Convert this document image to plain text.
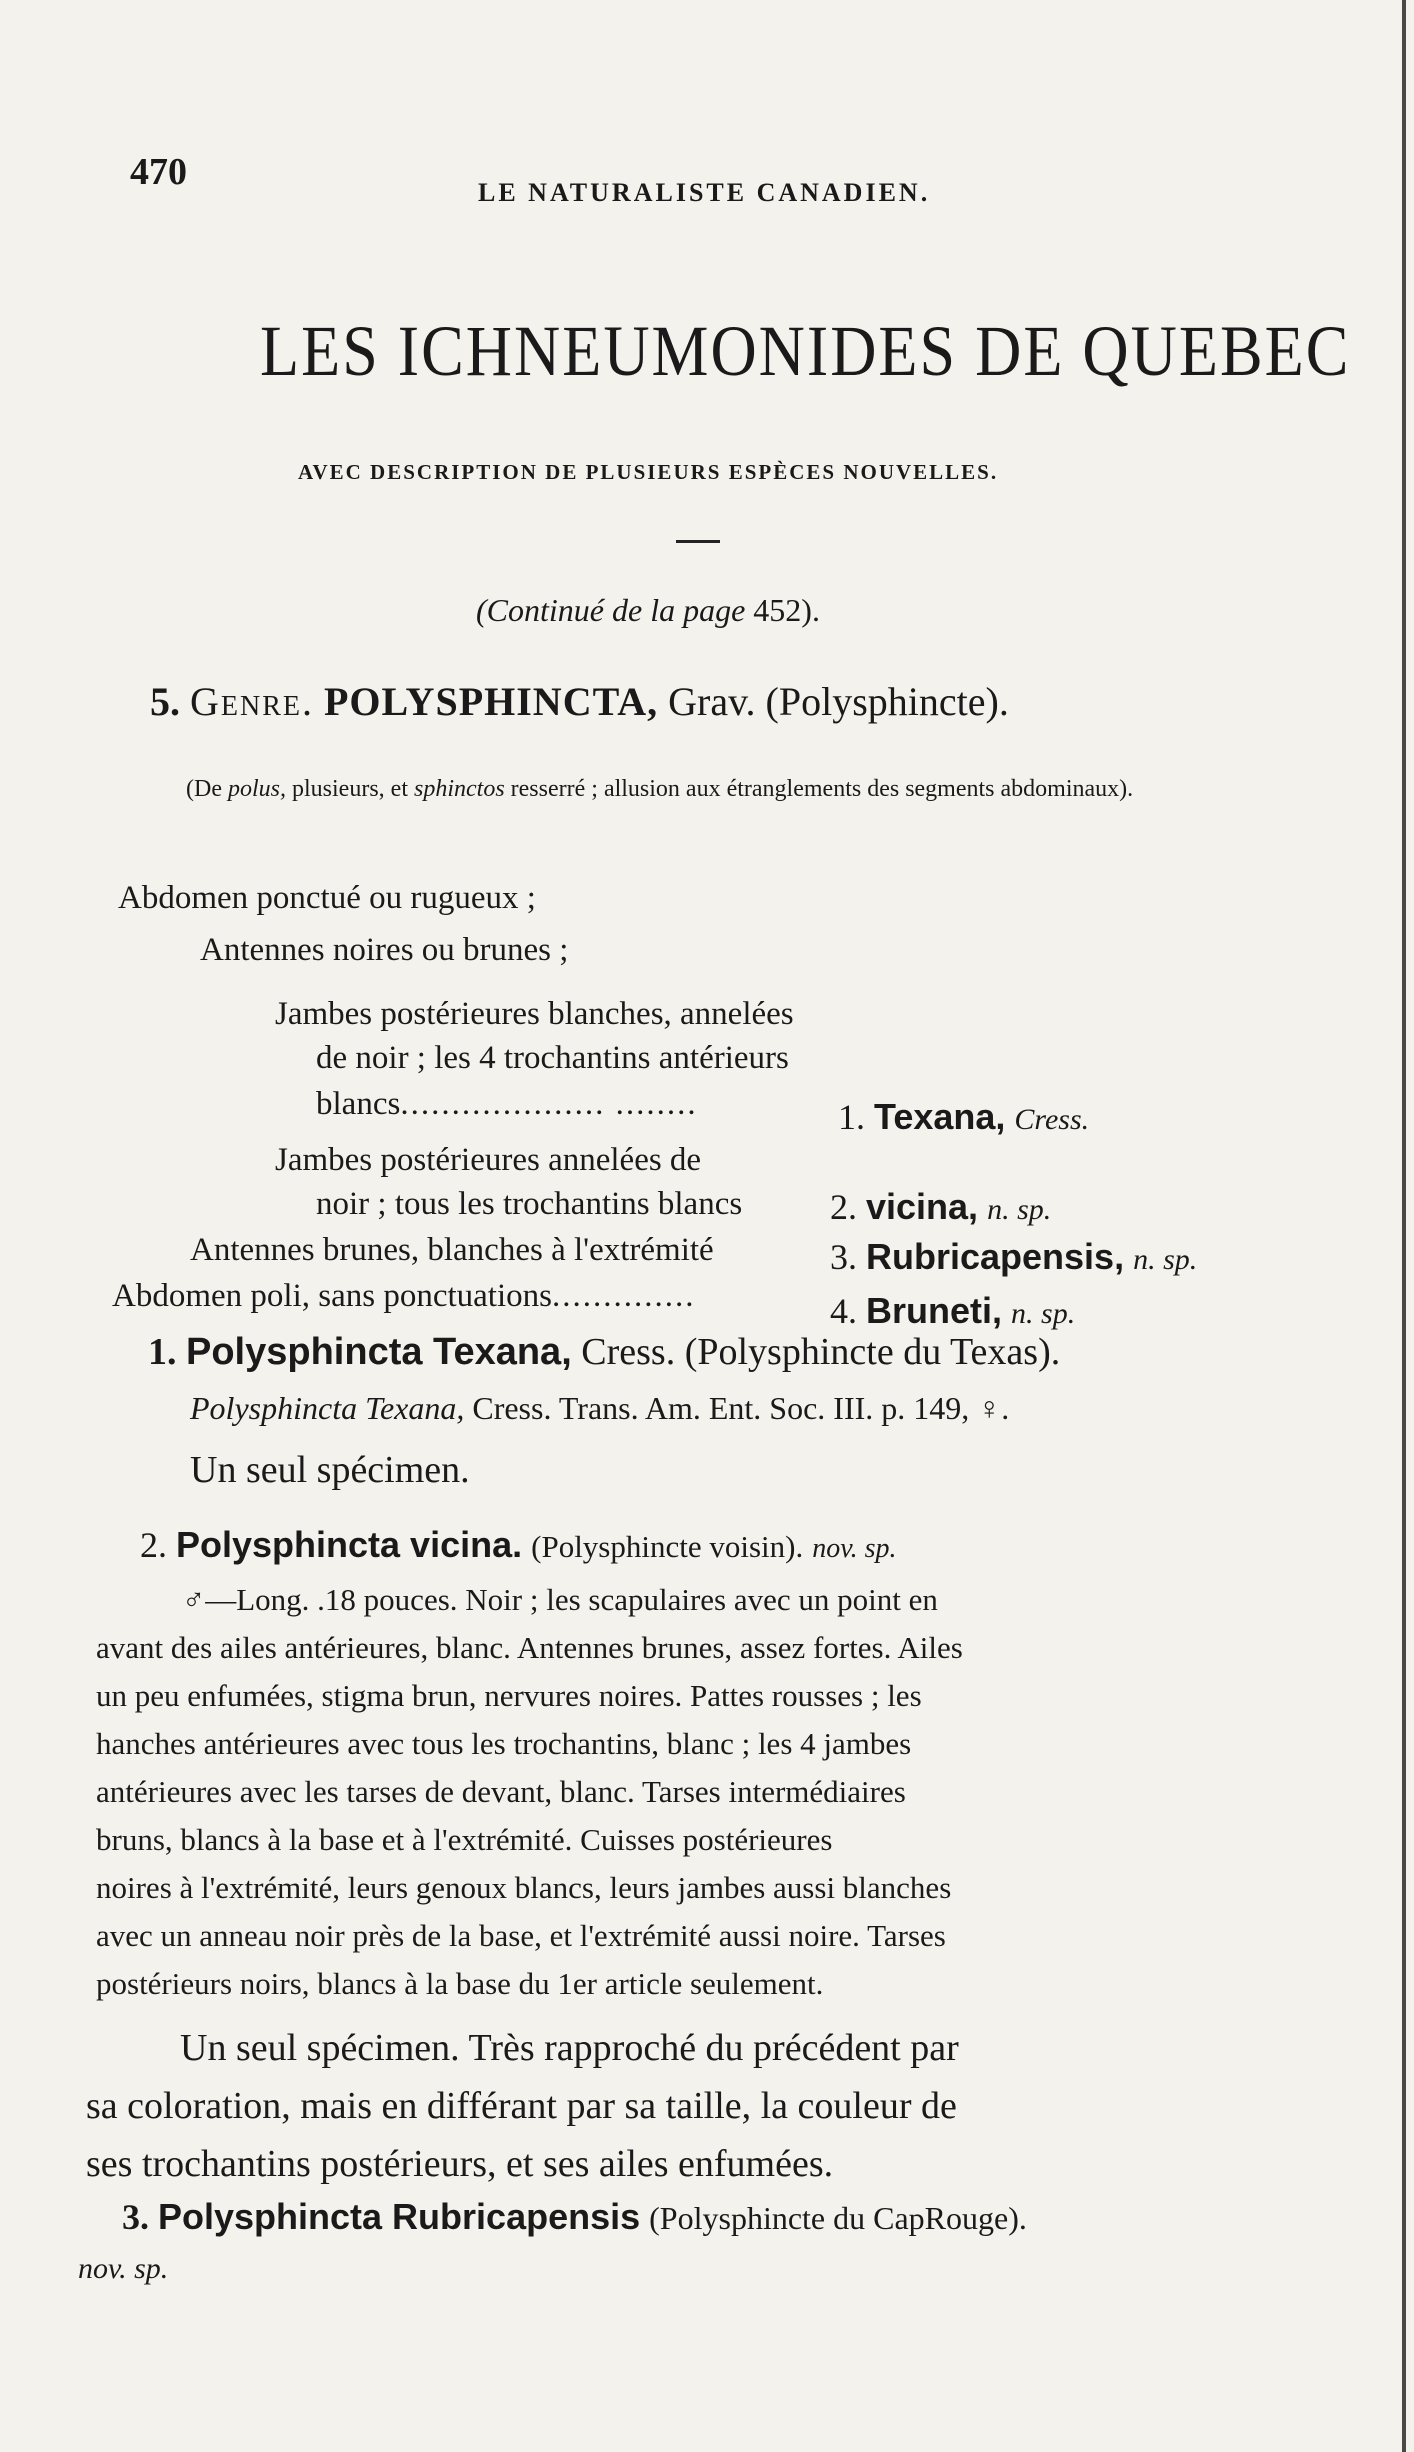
470	LE NATURALISTE CANADIEN.
LES ICHNEUMONIDES DE QUEBEC
AVEC DESCRIPTION DE PLUSIEURS ESPÈCES NOUVELLES.
(Continué de la page 452).
5. Genre. POLYSPHINCTA, Grav. (Polysphincte).
(De polus, plusieurs, et sphinctos resserré ; allusion aux étranglements des segments abdominaux).
Abdomen ponctué ou rugueux ;
Antennes noires ou brunes ;
Jambes postérieures blanches, annelées
de noir ; les 4 trochantins antérieurs
blancs.................... ........	1. Texana, Cress.
Jambes postérieures annelées de
noir ; tous les trochantins blancs 2. vicina, n. sp.
Antennes brunes, blanches à l'extrémité	3. Rubricapensis, n. sp.
Abdomen poli, sans ponctuations..............	4. Bruneti, n. sp.
1. Polysphincta Texana, Cress. (Polysphincte du Texas).
Polysphincta Texana, Cress. Trans. Am. Ent. Soc. III. p. 149, ♀.
Un seul spécimen.
2. Polysphincta vicina. (Polysphincte voisin). nov. sp.
♂—Long. .18 pouces. Noir ; les scapulaires avec un point en
avant des ailes antérieures, blanc. Antennes brunes, assez fortes. Ailes
un peu enfumées, stigma brun, nervures noires. Pattes rousses ; les
hanches antérieures avec tous les trochantins, blanc ; les 4 jambes
antérieures avec les tarses de devant, blanc. Tarses intermédiaires
bruns, blancs à la base et à l'extrémité. Cuisses postérieures
noires à l'extrémité, leurs genoux blancs, leurs jambes aussi blanches
avec un anneau noir près de la base, et l'extrémité aussi noire. Tarses
postérieurs noirs, blancs à la base du 1er article seulement.
Un seul spécimen. Très rapproché du précédent par
sa coloration, mais en différant par sa taille, la couleur de
ses trochantins postérieurs, et ses ailes enfumées.
3. Polysphincta Rubricapensis (Polysphincte du CapRouge).
nov. sp.
